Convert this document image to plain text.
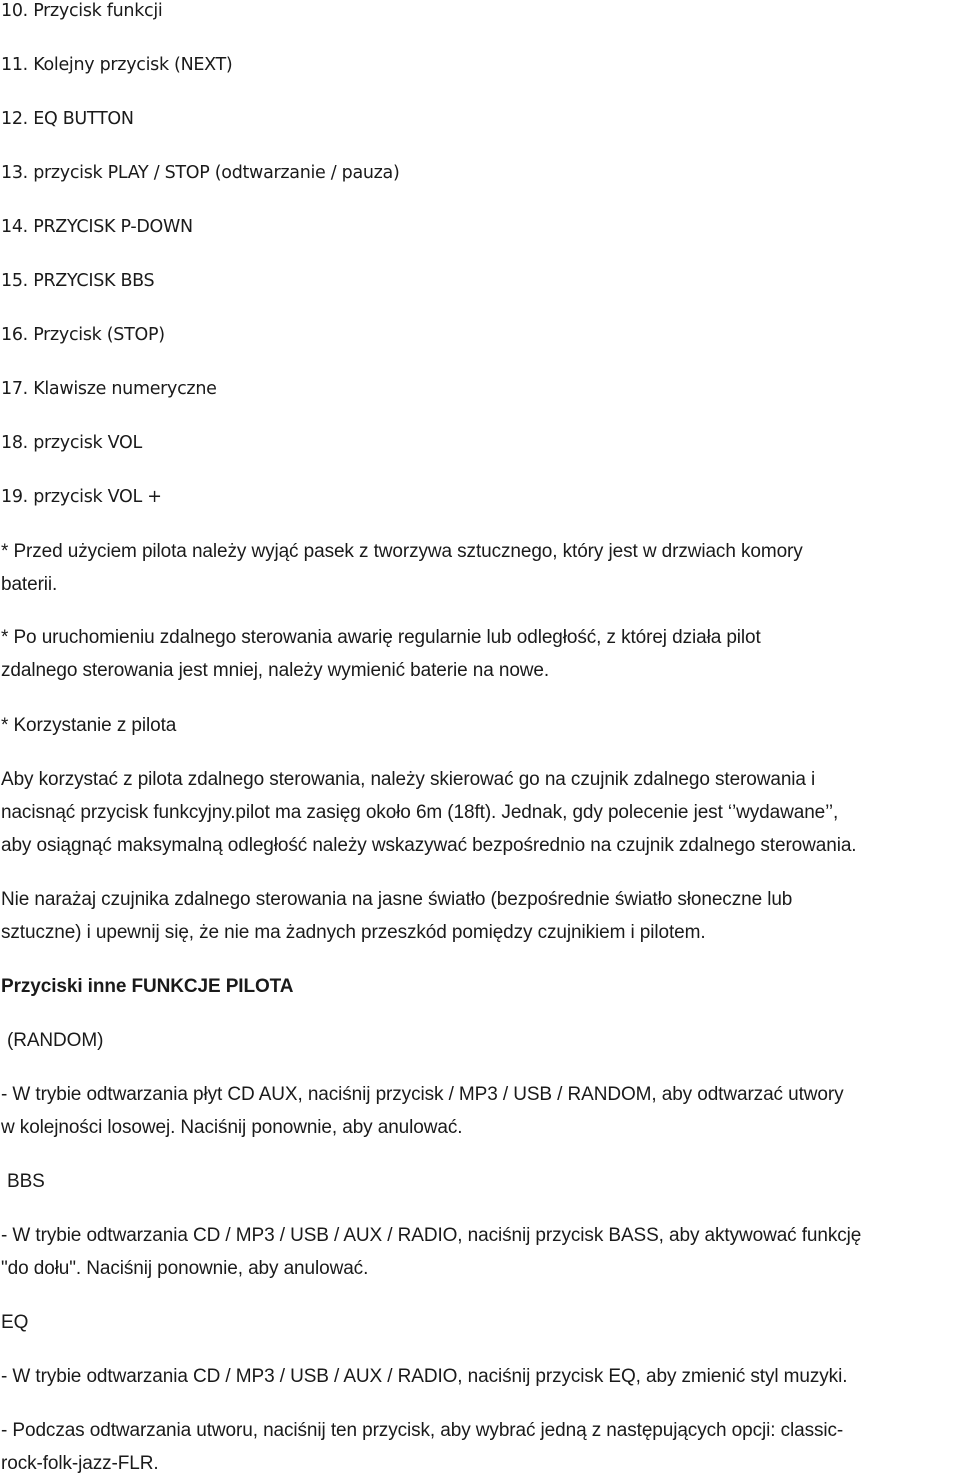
10. Przycisk funkcji
11. Kolejny przycisk (NEXT)
12. EQ BUTTON
13. przycisk PLAY / STOP (odtwarzanie / pauza)
14. PRZYCISK P-DOWN
15. PRZYCISK BBS
16. Przycisk (STOP)
17. Klawisze numeryczne
18. przycisk VOL
19. przycisk VOL +
* Przed użyciem pilota należy wyjąć pasek z tworzywa sztucznego, który jest w drzwiach komory
baterii.
* Po uruchomieniu zdalnego sterowania awarię regularnie lub odległość, z której działa pilot
zdalnego sterowania jest mniej, należy wymienić baterie na nowe.
* Korzystanie z pilota
Aby korzystać z pilota zdalnego sterowania, należy skierować go na czujnik zdalnego sterowania i
nacisnąć przycisk funkcyjny.pilot ma zasięg około 6m (18ft). Jednak, gdy polecenie jest ‘’wydawane’’,
aby osiągnąć maksymalną odległość należy wskazywać bezpośrednio na czujnik zdalnego sterowania.
Nie narażaj czujnika zdalnego sterowania na jasne światło (bezpośrednie światło słoneczne lub
sztuczne) i upewnij się, że nie ma żadnych przeszkód pomiędzy czujnikiem i pilotem.
Przyciski inne FUNKCJE PILOTA
(RANDOM)
- W trybie odtwarzania płyt CD AUX, naciśnij przycisk / MP3 / USB / RANDOM, aby odtwarzać utwory
w kolejności losowej. Naciśnij ponownie, aby anulować.
BBS
- W trybie odtwarzania CD / MP3 / USB / AUX / RADIO, naciśnij przycisk BASS, aby aktywować funkcję
"do dołu". Naciśnij ponownie, aby anulować.
EQ
- W trybie odtwarzania CD / MP3 / USB / AUX / RADIO, naciśnij przycisk EQ, aby zmienić styl muzyki.
- Podczas odtwarzania utworu, naciśnij ten przycisk, aby wybrać jedną z następujących opcji: classic-
rock-folk-jazz-FLR.
